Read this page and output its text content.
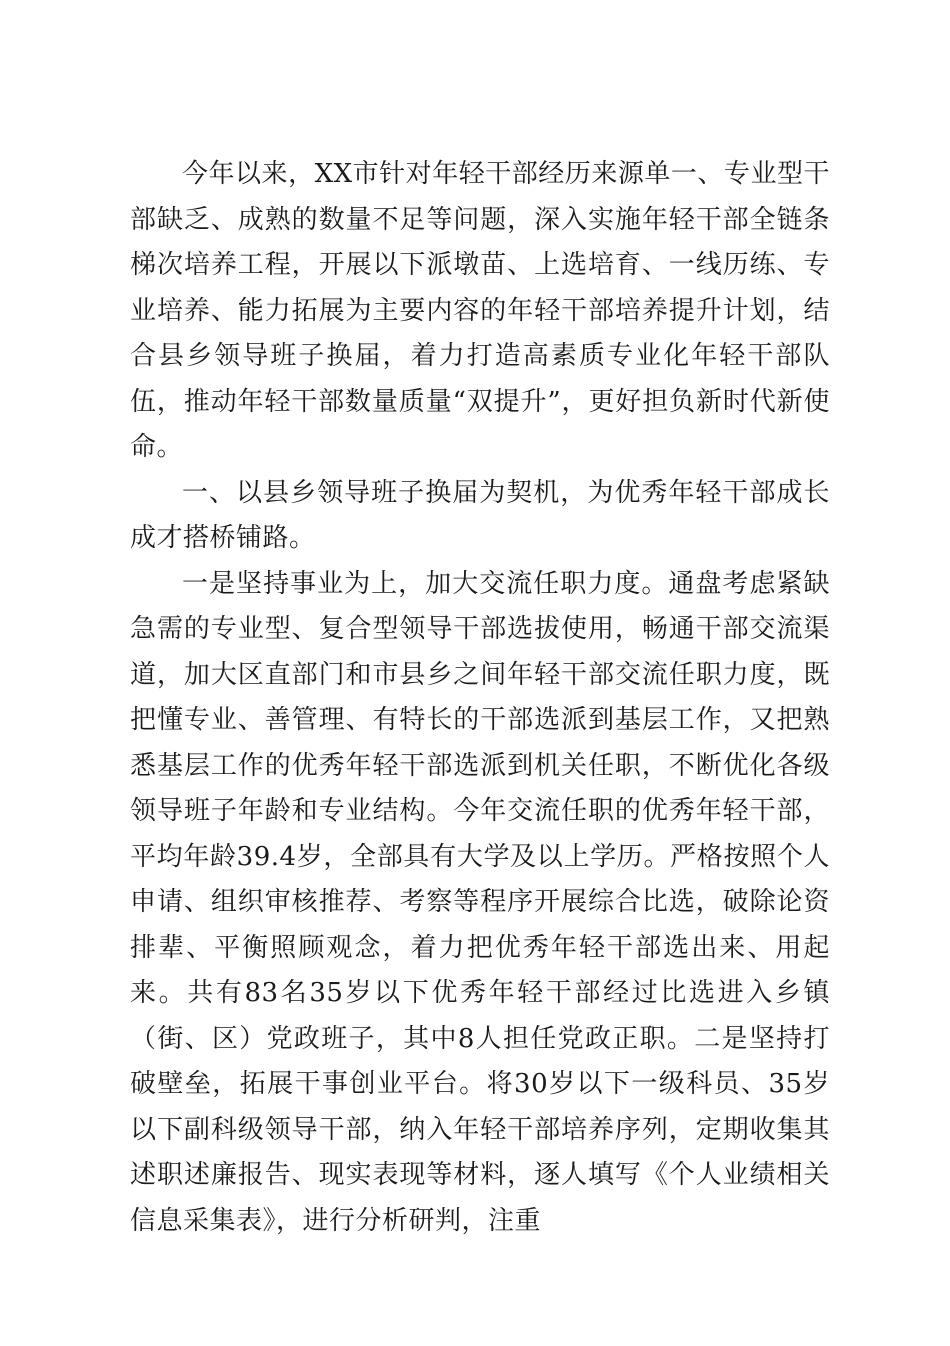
今年以来，XX市针对年轻干部经历来源单一、专业型干部缺乏、成熟的数量不足等问题，深入实施年轻干部全链条梯次培养工程，开展以下派墩苗、上选培育、一线历练、专业培养、能力拓展为主要内容的年轻干部培养提升计划，结合县乡领导班子换届，着力打造高素质专业化年轻干部队伍，推动年轻干部数量质量“双提升”，更好担负新时代新使命。

一、以县乡领导班子换届为契机，为优秀年轻干部成长成才搭桥铺路。

一是坚持事业为上，加大交流任职力度。通盘考虑紧缺急需的专业型、复合型领导干部选拔使用，畅通干部交流渠道，加大区直部门和市县乡之间年轻干部交流任职力度，既把懂专业、善管理、有特长的干部选派到基层工作，又把熟悉基层工作的优秀年轻干部选派到机关任职，不断优化各级领导班子年龄和专业结构。今年交流任职的优秀年轻干部，平均年龄39.4岁，全部具有大学及以上学历。严格按照个人申请、组织审核推荐、考察等程序开展综合比选，破除论资排辈、平衡照顾观念，着力把优秀年轻干部选出来、用起来。共有83名35岁以下优秀年轻干部经过比选进入乡镇（街、区）党政班子，其中8人担任党政正职。二是坚持打破壁垒，拓展干事创业平台。将30岁以下一级科员、35岁以下副科级领导干部，纳入年轻干部培养序列，定期收集其述职述廉报告、现实表现等材料，逐人填写《个人业绩相关信息采集表》，进行分析研判，注重
